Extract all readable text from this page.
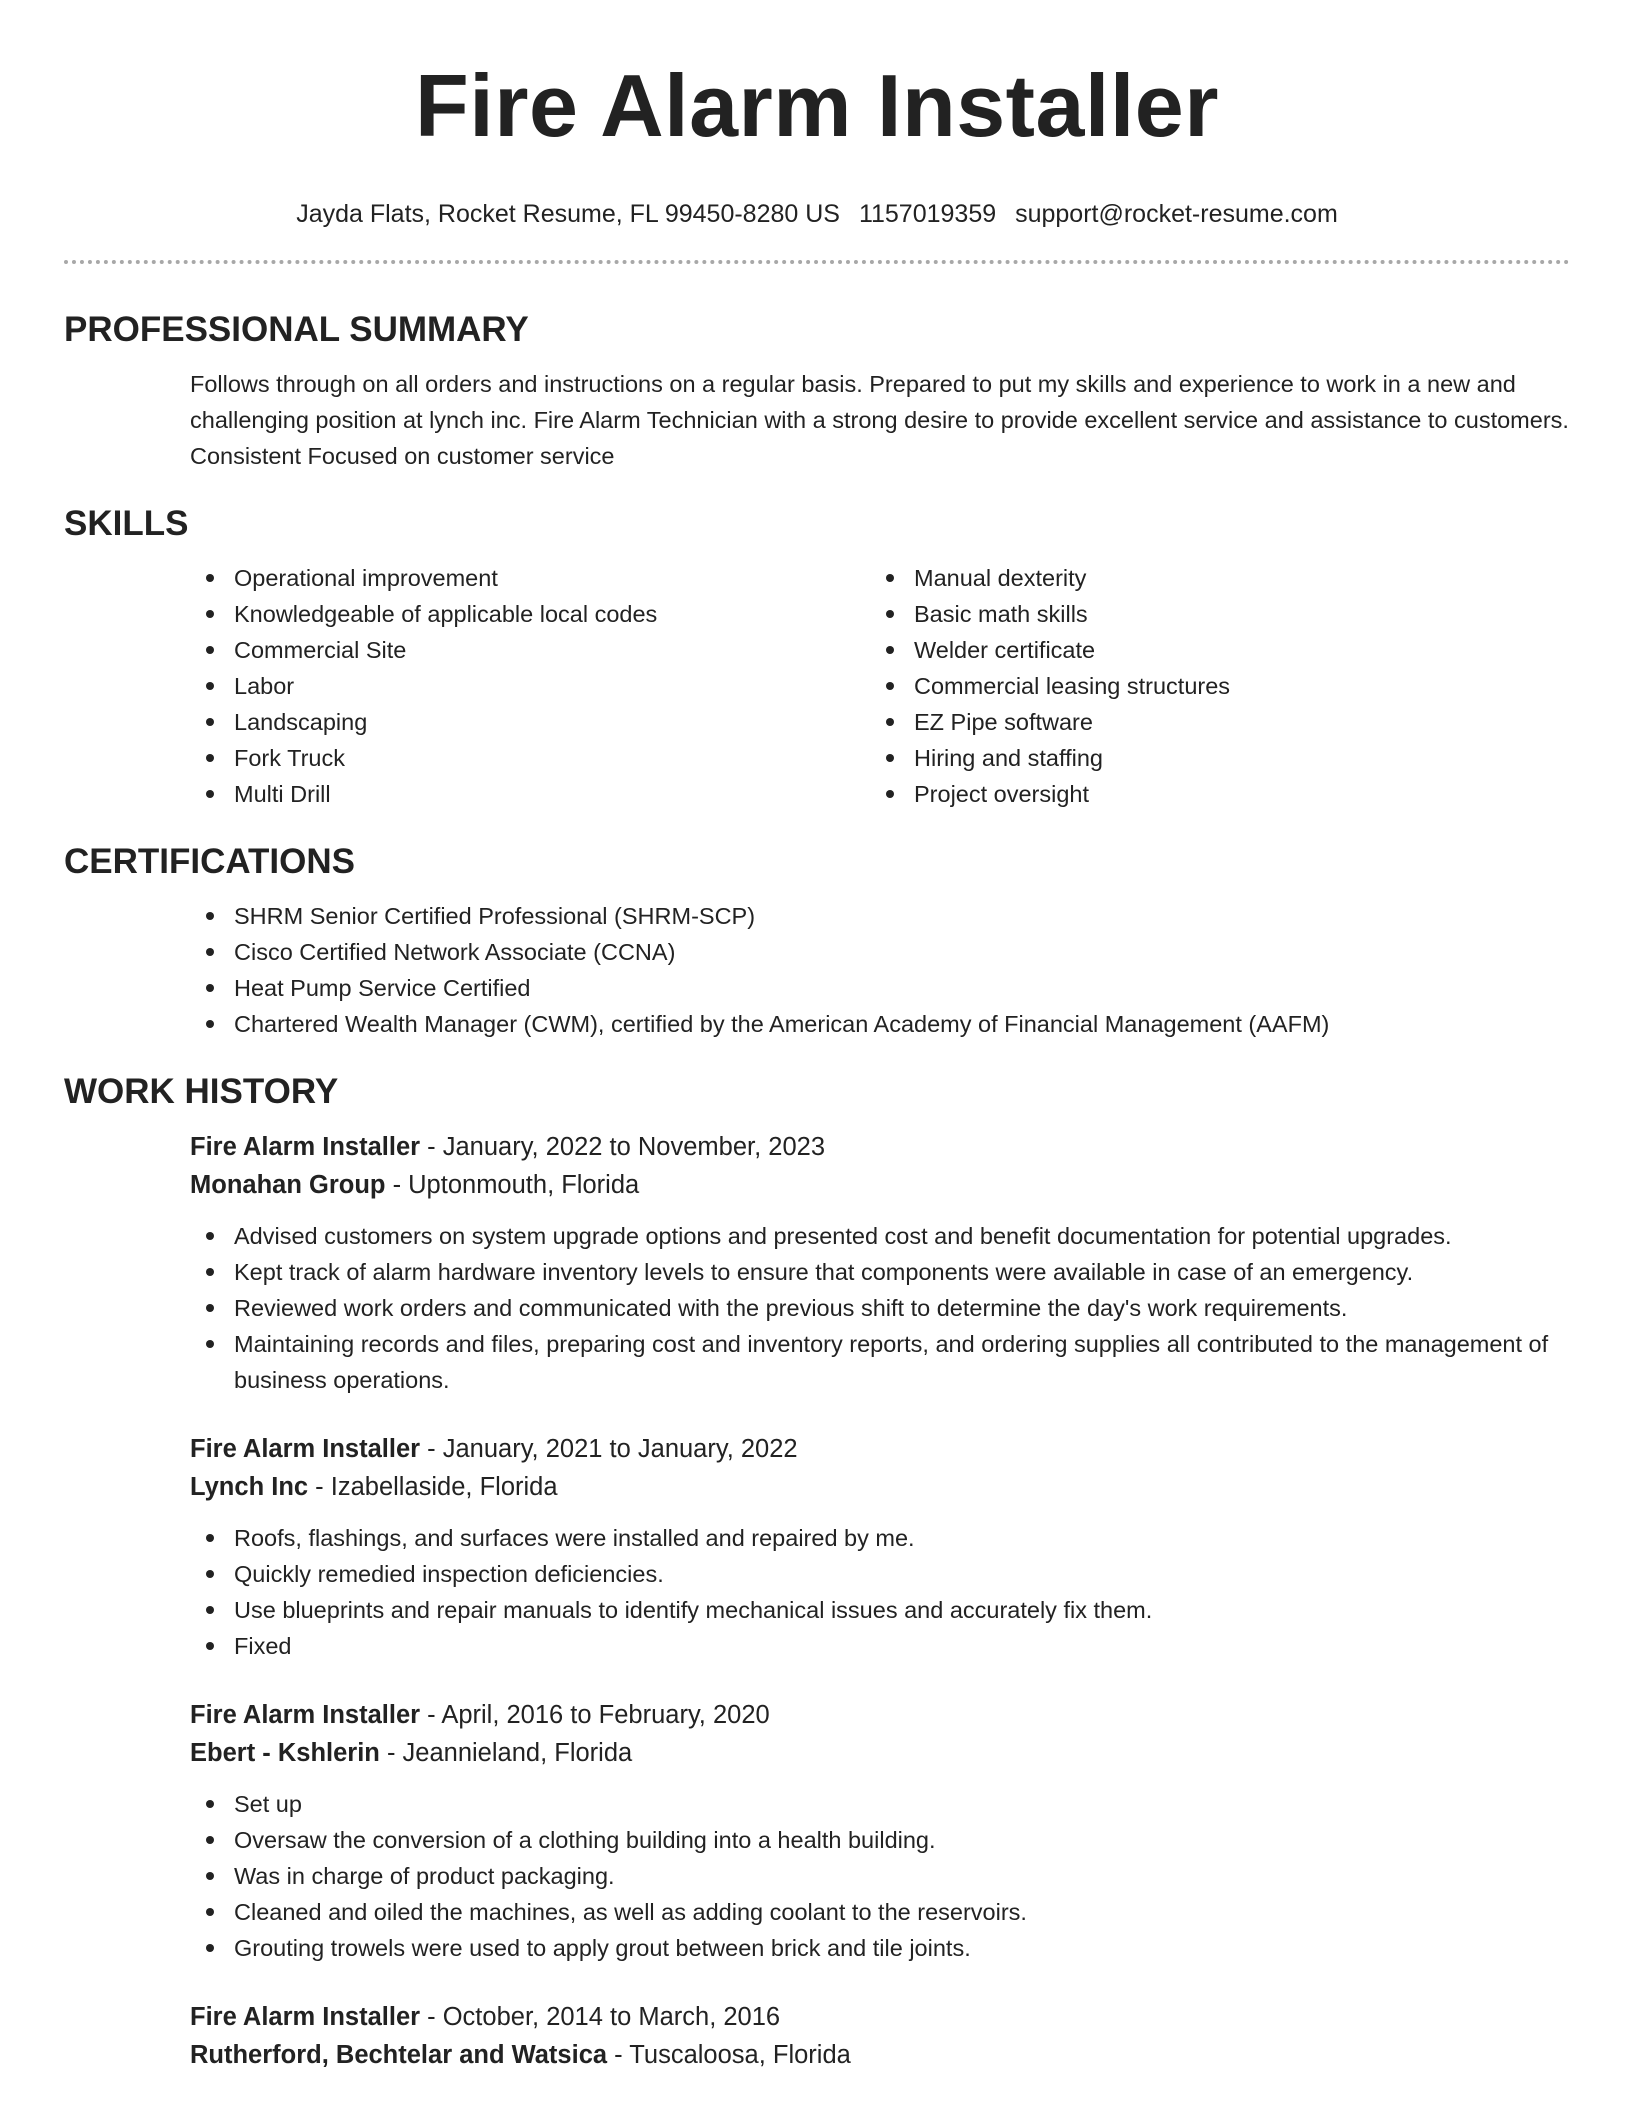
Fire Alarm Installer
Jayda Flats, Rocket Resume, FL 99450-8280 US 1157019359 support@rocket-resume.com
PROFESSIONAL SUMMARY

Follows through on all orders and instructions on a regular basis. Prepared to put my skills and experience to work in a new and challenging position at lynch inc. Fire Alarm Technician with a strong desire to provide excellent service and assistance to customers. Consistent Focused on customer service

SKILLS
Operational improvement
Knowledgeable of applicable local codes
Commercial Site
Labor
Landscaping
Fork Truck
Multi Drill
Manual dexterity
Basic math skills
Welder certificate
Commercial leasing structures
EZ Pipe software
Hiring and staffing
Project oversight
CERTIFICATIONS
SHRM Senior Certified Professional (SHRM-SCP)
Cisco Certified Network Associate (CCNA)
Heat Pump Service Certified
Chartered Wealth Manager (CWM), certified by the American Academy of Financial Management (AAFM)
WORK HISTORY
Fire Alarm Installer - January, 2022 to November, 2023
Monahan Group - Uptonmouth, Florida
Advised customers on system upgrade options and presented cost and benefit documentation for potential upgrades.
Kept track of alarm hardware inventory levels to ensure that components were available in case of an emergency.
Reviewed work orders and communicated with the previous shift to determine the day's work requirements.
Maintaining records and files, preparing cost and inventory reports, and ordering supplies all contributed to the management of business operations.
Fire Alarm Installer - January, 2021 to January, 2022
Lynch Inc - Izabellaside, Florida
Roofs, flashings, and surfaces were installed and repaired by me.
Quickly remedied inspection deficiencies.
Use blueprints and repair manuals to identify mechanical issues and accurately fix them.
Fixed
Fire Alarm Installer - April, 2016 to February, 2020
Ebert - Kshlerin - Jeannieland, Florida
Set up
Oversaw the conversion of a clothing building into a health building.
Was in charge of product packaging.
Cleaned and oiled the machines, as well as adding coolant to the reservoirs.
Grouting trowels were used to apply grout between brick and tile joints.
Fire Alarm Installer - October, 2014 to March, 2016
Rutherford, Bechtelar and Watsica - Tuscaloosa, Florida
